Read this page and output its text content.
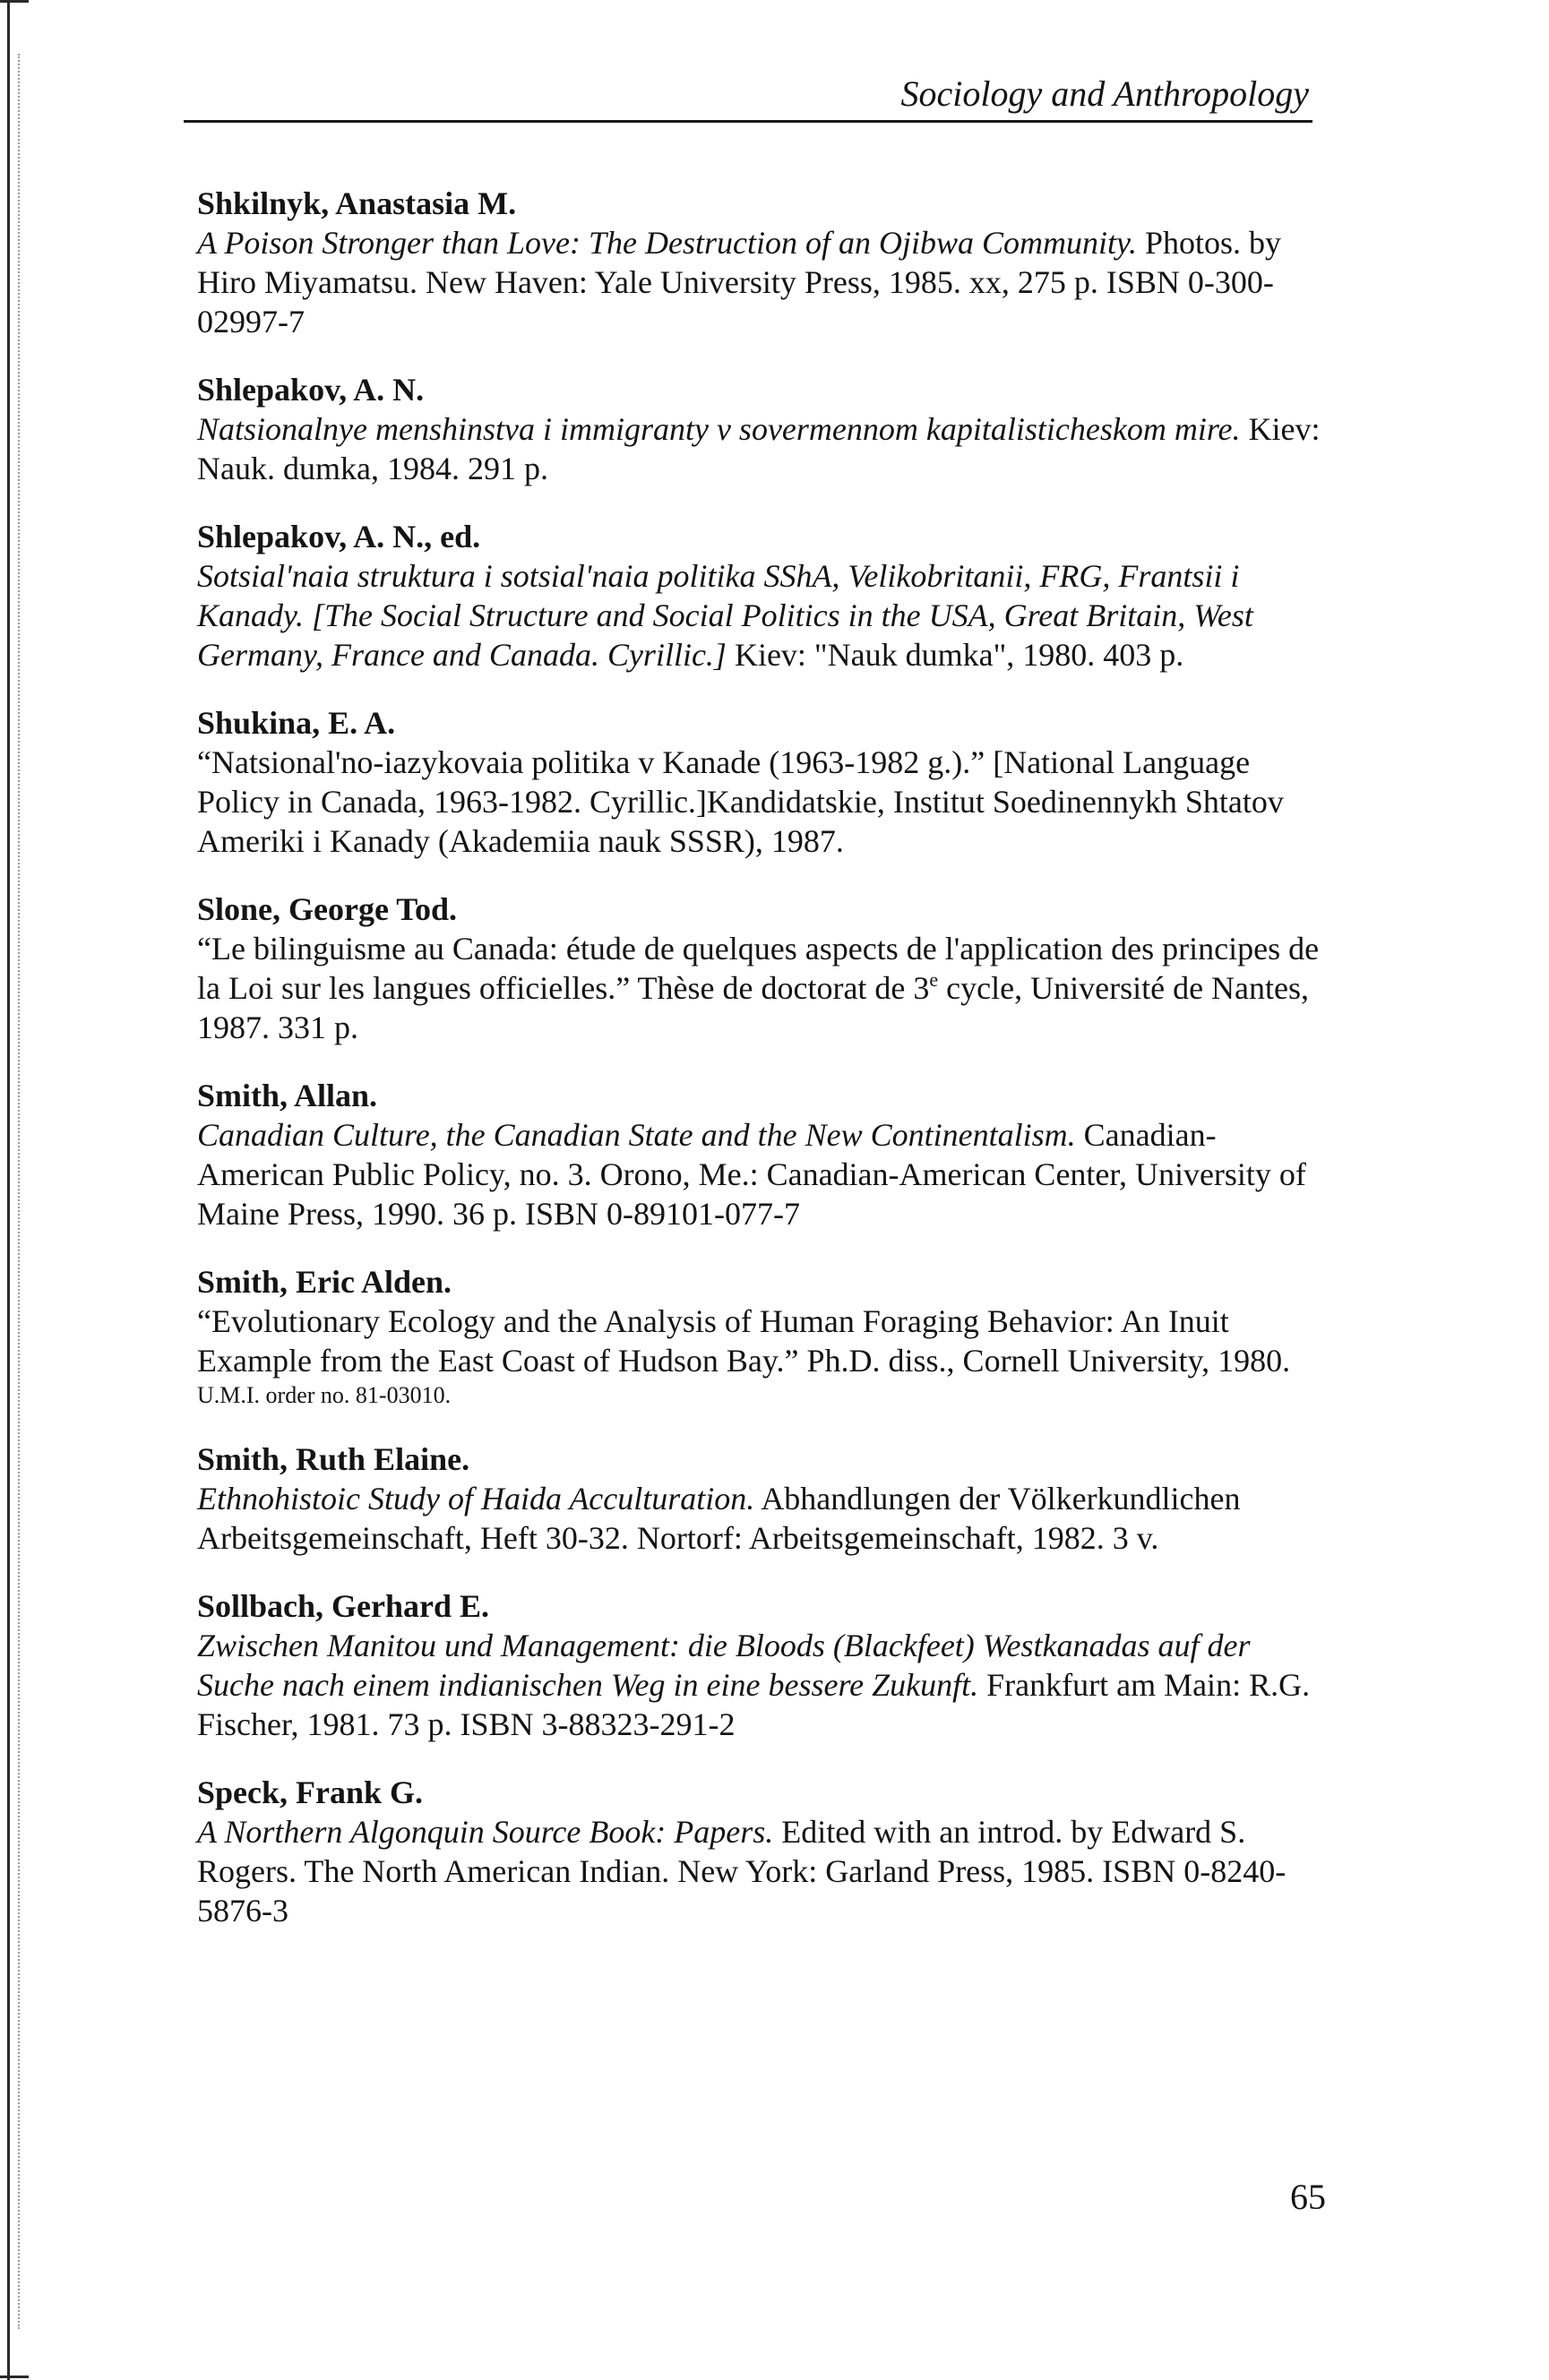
Sociology and Anthropology

Shkilnyk, Anastasia M.

A Poison Stronger than Love: The Destruction of an Ojibwa Community. Photos. by Hiro Miyamatsu. New Haven: Yale University Press, 1985. xx, 275 p. ISBN 0-300-02997-7

Shlepakov, A. N.

Natsionalnye menshinstva i immigranty v sovermennom kapitalisticheskom mire. Kiev: Nauk. dumka, 1984. 291 p.

Shlepakov, A. N., ed.

Sotsial'naia struktura i sotsial'naia politika SShA, Velikobritanii, FRG, Frantsii i Kanady. [The Social Structure and Social Politics in the USA, Great Britain, West Germany, France and Canada. Cyrillic.] Kiev: "Nauk dumka", 1980. 403 p.

Shukina, E. A.

“Natsional'no-iazykovaia politika v Kanade (1963-1982 g.).” [National Language Policy in Canada, 1963-1982. Cyrillic.]Kandidatskie, Institut Soedinennykh Shtatov Ameriki i Kanady (Akademiia nauk SSSR), 1987.

Slone, George Tod.

“Le bilinguisme au Canada: étude de quelques aspects de l'application des principes de la Loi sur les langues officielles.” Thèse de doctorat de 3e cycle, Université de Nantes, 1987. 331 p.

Smith, Allan.

Canadian Culture, the Canadian State and the New Continentalism. Canadian-American Public Policy, no. 3. Orono, Me.: Canadian-American Center, University of Maine Press, 1990. 36 p. ISBN 0-89101-077-7

Smith, Eric Alden.

“Evolutionary Ecology and the Analysis of Human Foraging Behavior: An Inuit Example from the East Coast of Hudson Bay.” Ph.D. diss., Cornell University, 1980.

U.M.I. order no. 81-03010.

Smith, Ruth Elaine.

Ethnohistoic Study of Haida Acculturation. Abhandlungen der Völkerkundlichen Arbeitsgemeinschaft, Heft 30-32. Nortorf: Arbeitsgemeinschaft, 1982. 3 v.

Sollbach, Gerhard E.

Zwischen Manitou und Management: die Bloods (Blackfeet) Westkanadas auf der Suche nach einem indianischen Weg in eine bessere Zukunft. Frankfurt am Main: R.G. Fischer, 1981. 73 p. ISBN 3-88323-291-2

Speck, Frank G.

A Northern Algonquin Source Book: Papers. Edited with an introd. by Edward S. Rogers. The North American Indian. New York: Garland Press, 1985. ISBN 0-8240-5876-3

65
